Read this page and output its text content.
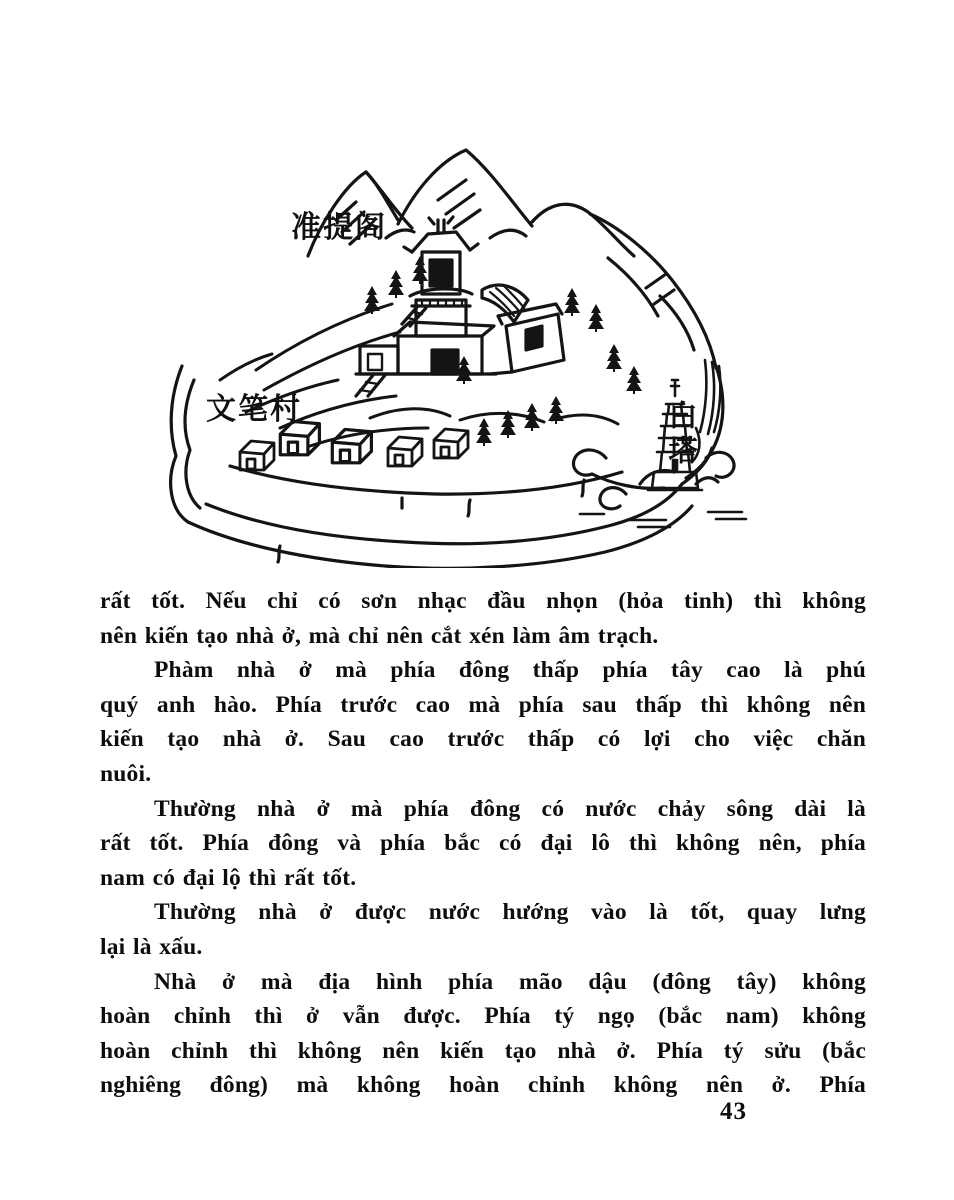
准提阁
文笔村	白塔
rất tốt. Nếu chỉ có sơn nhạc đầu nhọn (hỏa tinh) thì không
nên kiến tạo nhà ở, mà chỉ nên cắt xén làm âm trạch.
Phàm nhà ở mà phía đông thấp phía tây cao là phú
quý anh hào. Phía trước cao mà phía sau thấp thì không nên
kiến tạo nhà ở. Sau cao trước thấp có lợi cho việc chăn
nuôi.
Thường nhà ở mà phía đông có nước chảy sông dài là
rất tốt. Phía đông và phía bắc có đại lô thì không nên, phía
nam có đại lộ thì rất tốt.
Thường nhà ở được nước hướng vào là tốt, quay lưng
lại là xấu.
Nhà ở mà địa hình phía mão dậu (đông tây) không
hoàn chỉnh thì ở vẫn được. Phía tý ngọ (bắc nam) không
hoàn chỉnh thì không nên kiến tạo nhà ở. Phía tý sửu (bắc
nghiêng đông) mà không hoàn chỉnh không nên ở. Phía
43
